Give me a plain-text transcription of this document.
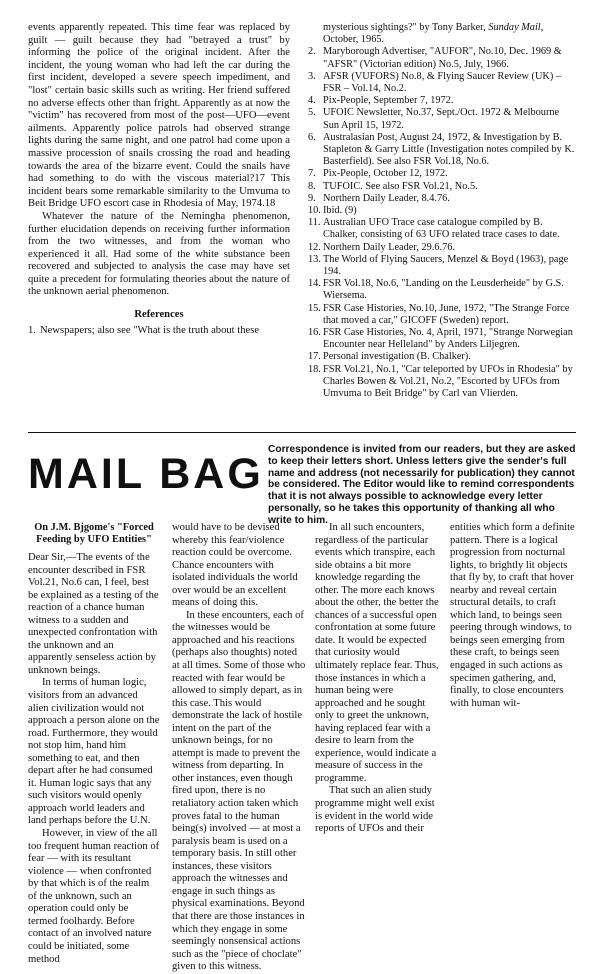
events apparently repeated. This time fear was replaced by guilt — guilt because they had "betrayed a trust" by informing the police of the original incident. After the incident, the young woman who had left the car during the first incident, developed a severe speech impediment, and "lost" certain basic skills such as writing. Her friend suffered no adverse effects other than fright. Apparently as at now the "victim" has recovered from most of the post—UFO—event ailments. Apparently police patrols had observed strange lights during the same night, and one patrol had come upon a massive procession of snails crossing the road and heading towards the area of the bizarre event. Could the snails have had something to do with the viscous material?17 This incident bears some remarkable similarity to the Umvuma to Beit Bridge UFO escort case in Rhodesia of May, 1974.18

Whatever the nature of the Nemingha phenomenon, further elucidation depends on receiving further information from the two witnesses, and from the woman who experienced it all. Had some of the white substance been recovered and subjected to analysis the case may have set quite a precedent for formulating theories about the nature of the unknown aerial phenomenon.

References
1. Newspapers; also see "What is the truth about these
mysterious sightings?" by Tony Barker, Sunday Mail, October, 1965.
2. Maryborough Advertiser, "AUFOR", No.10, Dec. 1969 & "AFSR" (Victorian edition) No.5, July, 1966.
3. AFSR (VUFORS) No.8, & Flying Saucer Review (UK) – FSR – Vol.14, No.2.
4. Pix-People, September 7, 1972.
5. UFOIC Newsletter, No.37, Sept./Oct. 1972 & Melbourne Sun April 15, 1972.
6. Australasian Post, August 24, 1972, & Investigation by B. Stapleton & Garry Little (Investigation notes compiled by K. Basterfield). See also FSR Vol.18, No.6.
7. Pix-People, October 12, 1972.
8. TUFOIC. See also FSR Vol.21, No.5.
9. Northern Daily Leader, 8.4.76.
10. Ibid. (9)
11. Australian UFO Trace case catalogue compiled by B. Chalker, consisting of 63 UFO related trace cases to date.
12. Northern Daily Leader, 29.6.76.
13. The World of Flying Saucers, Menzel & Boyd (1963), page 194.
14. FSR Vol.18, No.6, "Landing on the Leusderheide" by G.S. Wiersema.
15. FSR Case Histories, No.10, June, 1972, "The Strange Force that moved a car," GICOFF (Sweden) report.
16. FSR Case Histories, No. 4, April, 1971, "Strange Norwegian Encounter near Helleland" by Anders Liljegren.
17. Personal investigation (B. Chalker).
18. FSR Vol.21, No.1, "Car teleported by UFOs in Rhodesia" by Charles Bowen & Vol.21, No.2, "Escorted by UFOs from Umvuma to Beit Bridge" by Carl van Vlierden.
MAIL BAG
Correspondence is invited from our readers, but they are asked to keep their letters short. Unless letters give the sender's full name and address (not necessarily for publication) they cannot be considered. The Editor would like to remind correspondents that it is not always possible to acknowledge every letter personally, so he takes this opportunity of thanking all who write to him.

On J.M. Bjgome's "Forced Feeding by UFO Entities"

Dear Sir,—The events of the encounter described in FSR Vol.21, No.6 can, I feel, best be explained as a testing of the reaction of a chance human witness to a sudden and unexpected confrontation with the unknown and an apparently senseless action by unknown beings.

In terms of human logic, visitors from an advanced alien civilization would not approach a person alone on the road. Furthermore, they would not stop him, hand him something to eat, and then depart after he had consumed it. Human logic says that any such visitors would openly approach world leaders and land perhaps before the U.N.

However, in view of the all too frequent human reaction of fear — with its resultant violence — when confronted by that which is of the realm of the unknown, such an operation could only be termed foolhardy. Before contact of an involved nature could be initiated, some method

would have to be devised whereby this fear/violence reaction could be overcome. Chance encounters with isolated individuals the world over would be an excellent means of doing this.

In these encounters, each of the witnesses would be approached and his reactions (perhaps also thoughts) noted at all times. Some of those who reacted with fear would be allowed to simply depart, as in this case. This would demonstrate the lack of hostile intent on the part of the unknown beings, for no attempt is made to prevent the witness from departing. In other instances, even though fired upon, there is no retaliatory action taken which proves fatal to the human being(s) involved — at most a paralysis beam is used on a temporary basis. In still other instances, these visitors approach the witnesses and engage in such things as physical examinations. Beyond that there are those instances in which they engage in some seemingly nonsensical actions such as the "piece of choclate" given to this witness.

In all such encounters, regardless of the particular events which transpire, each side obtains a bit more knowledge regarding the other. The more each knows about the other, the better the chances of a successful open confrontation at some future date. It would be expected that curiosity would ultimately replace fear. Thus, those instances in which a human being were approached and he sought only to greet the unknown, having replaced fear with a desire to learn from the experience, would indicate a measure of success in the programme.

That such an alien study programme might well exist is evident in the world wide reports of UFOs and their

entities which form a definite pattern. There is a logical progression from nocturnal lights, to brightly lit objects that fly by, to craft that hover nearby and reveal certain structural details, to craft which land, to beings seen peering through windows, to beings seen emerging from these craft, to beings seen engaged in such actions as specimen gathering, and, finally, to close encounters with human wit-
